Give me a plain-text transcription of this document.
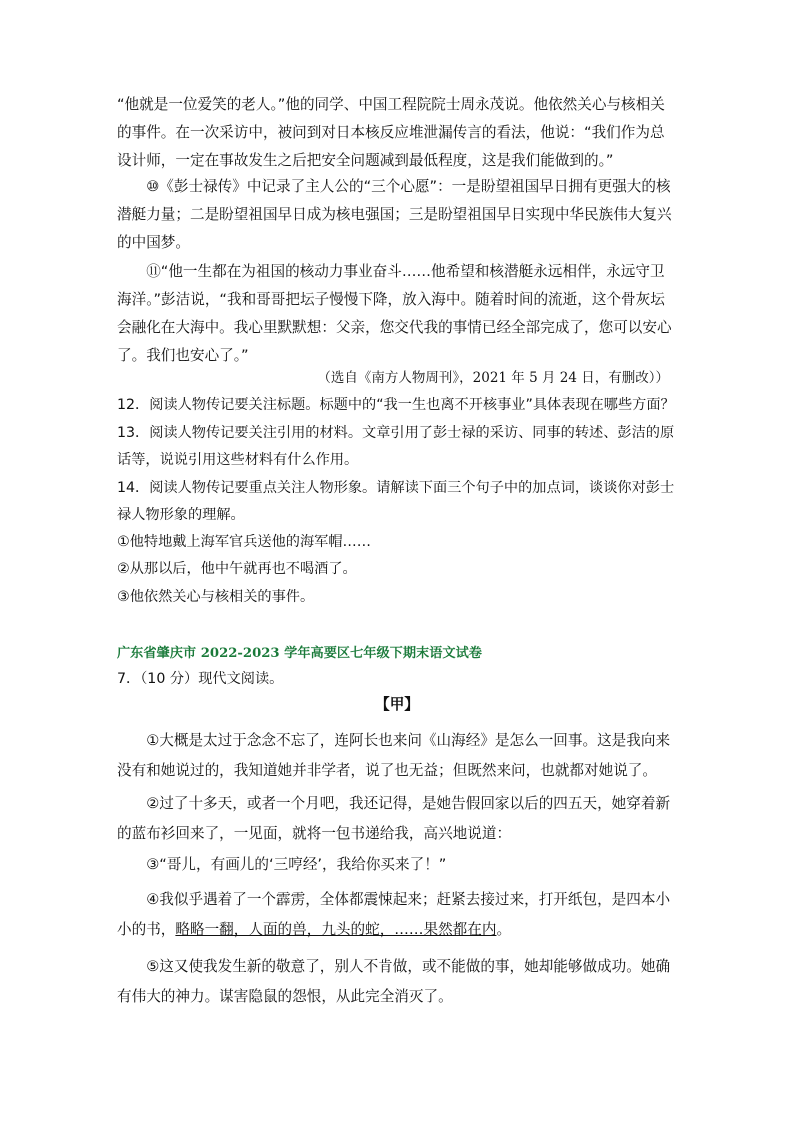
“他就是一位爱笑的老人。”他的同学、中国工程院院士周永茂说。他依然关心与核相关的事件。在一次采访中，被问到对日本核反应堆泄漏传言的看法，他说：“我们作为总设计师，一定在事故发生之后把安全问题减到最低程度，这是我们能做到的。”

⑩《彭士禄传》中记录了主人公的“三个心愿”：一是盼望祖国早日拥有更强大的核潜艇力量；二是盼望祖国早日成为核电强国；三是盼望祖国早日实现中华民族伟大复兴的中国梦。

⑪“他一生都在为祖国的核动力事业奋斗……他希望和核潜艇永远相伴，永远守卫海洋。”彭洁说，“我和哥哥把坛子慢慢下降，放入海中。随着时间的流逝，这个骨灰坛会融化在大海中。我心里默默想：父亲，您交代我的事情已经全部完成了，您可以安心了。我们也安心了。”

（选自《南方人物周刊》，2021 年 5 月 24 日，有删改））

12．阅读人物传记要关注标题。标题中的“我一生也离不开核事业”具体表现在哪些方面？

13．阅读人物传记要关注引用的材料。文章引用了彭士禄的采访、同事的转述、彭洁的原话等，说说引用这些材料有什么作用。

14．阅读人物传记要重点关注人物形象。请解读下面三个句子中的加点词，谈谈你对彭士禄人物形象的理解。

①他特地戴上海军官兵送他的海军帽……

②从那以后，他中午就再也不喝酒了。

③他依然关心与核相关的事件。

广东省肇庆市 2022-2023 学年高要区七年级下期末语文试卷

7．（10 分）现代文阅读。

【甲】

①大概是太过于念念不忘了，连阿长也来问《山海经》是怎么一回事。这是我向来没有和她说过的，我知道她并非学者，说了也无益；但既然来问，也就都对她说了。

②过了十多天，或者一个月吧，我还记得，是她告假回家以后的四五天，她穿着新的蓝布衫回来了，一见面，就将一包书递给我，高兴地说道：

③“哥儿，有画儿的‘三哼经’，我给你买来了！”

④我似乎遇着了一个霹雳，全体都震悚起来；赶紧去接过来，打开纸包，是四本小小的书，略略一翻，人面的兽，九头的蛇，……果然都在内。

⑤这又使我发生新的敬意了，别人不肯做，或不能做的事，她却能够做成功。她确有伟大的神力。谋害隐鼠的怨恨，从此完全消灭了。
